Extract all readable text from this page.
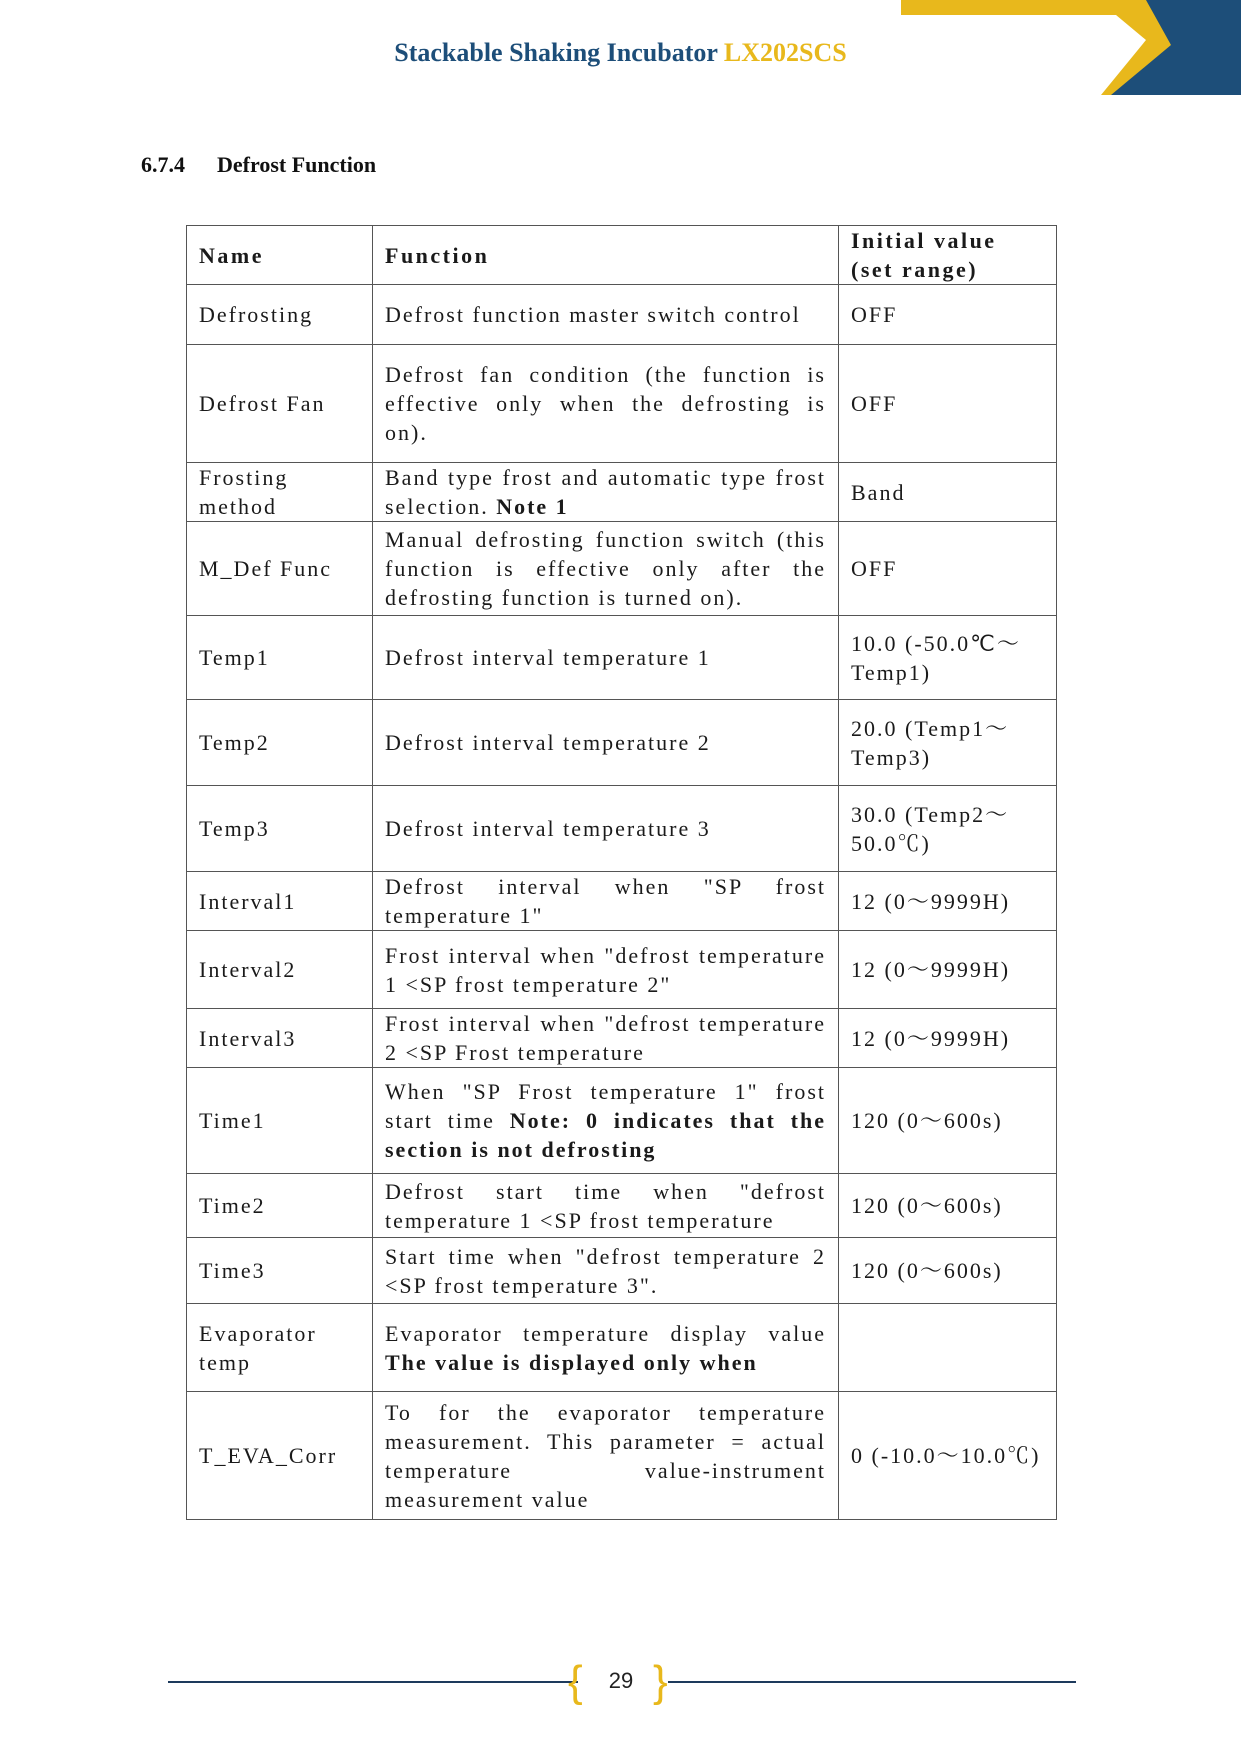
Stackable Shaking Incubator LX202SCS
6.7.4 Defrost Function
Name	Function	Initial value (set range)
Defrosting	Defrost function master switch control	OFF
Defrost Fan	Defrost fan condition (the function is effective only when the defrosting is on).	OFF
Frosting method	Band type frost and automatic type frost selection. Note 1	Band
M_Def Func	Manual defrosting function switch (this function is effective only after the defrosting function is turned on).	OFF
Temp1	Defrost interval temperature 1	10.0 (-50.0℃～ Temp1)
Temp2	Defrost interval temperature 2	20.0 (Temp1～ Temp3)
Temp3	Defrost interval temperature 3	30.0 (Temp2～ 50.0℃)
Interval1	Defrost interval when "SP frost temperature 1"	12 (0～9999H)
Interval2	Frost interval when "defrost temperature 1 <SP frost temperature 2"	12 (0～9999H)
Interval3	Frost interval when "defrost temperature 2 <SP Frost temperature	12 (0～9999H)
Time1	When "SP Frost temperature 1" frost start time Note: 0 indicates that the section is not defrosting	120 (0～600s)
Time2	Defrost start time when "defrost temperature 1 <SP frost temperature	120 (0～600s)
Time3	Start time when "defrost temperature 2 <SP frost temperature 3".	120 (0～600s)
Evaporator temp	Evaporator temperature display value The value is displayed only when	
T_EVA_Corr	To for the evaporator temperature measurement. This parameter = actual temperature value-instrument measurement value	0 (-10.0～10.0℃)
{	29 }
